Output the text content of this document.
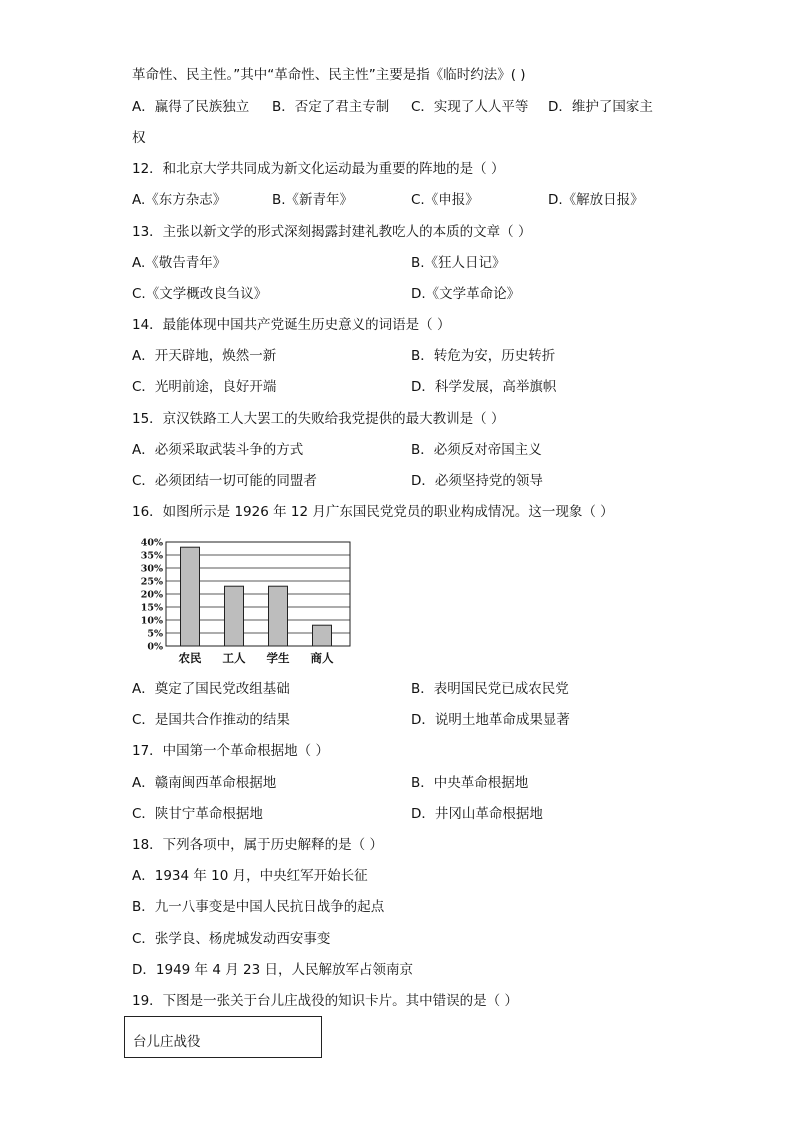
革命性、民主性。”其中“革命性、民主性”主要是指《临时约法》( )
A．赢得了民族独立 B．否定了君主专制 C．实现了人人平等 D．维护了国家主
权
12．和北京大学共同成为新文化运动最为重要的阵地的是（ ）
A.《东方杂志》	B.《新青年》	C.《申报》	D.《解放日报》
13．主张以新文学的形式深刻揭露封建礼教吃人的本质的文章（ ）
A.《敬告青年》	B.《狂人日记》
C.《文学概改良刍议》	D.《文学革命论》
14．最能体现中国共产党诞生历史意义的词语是（ ）
A．开天辟地，焕然一新	B．转危为安，历史转折
C．光明前途，良好开端	D．科学发展，高举旗帜
15．京汉铁路工人大罢工的失败给我党提供的最大教训是（ ）
A．必须采取武装斗争的方式	B．必须反对帝国主义
C．必须团结一切可能的同盟者	D．必须坚持党的领导
16．如图所示是 1926 年 12 月广东国民党党员的职业构成情况。这一现象（ ）
0%
5%
10%
15%
20%
25%
30%
35%
40%
农民 工人 学生 商人
A．奠定了国民党改组基础	B．表明国民党已成农民党
C．是国共合作推动的结果	D．说明土地革命成果显著
17．中国第一个革命根据地（ ）
A．赣南闽西革命根据地	B．中央革命根据地
C．陕甘宁革命根据地	D．井冈山革命根据地
18．下列各项中，属于历史解释的是（ ）
A．1934 年 10 月，中央红军开始长征
B．九一八事变是中国人民抗日战争的起点
C．张学良、杨虎城发动西安事变
D．1949 年 4 月 23 日，人民解放军占领南京
19．下图是一张关于台儿庄战役的知识卡片。其中错误的是（ ）
台儿庄战役
